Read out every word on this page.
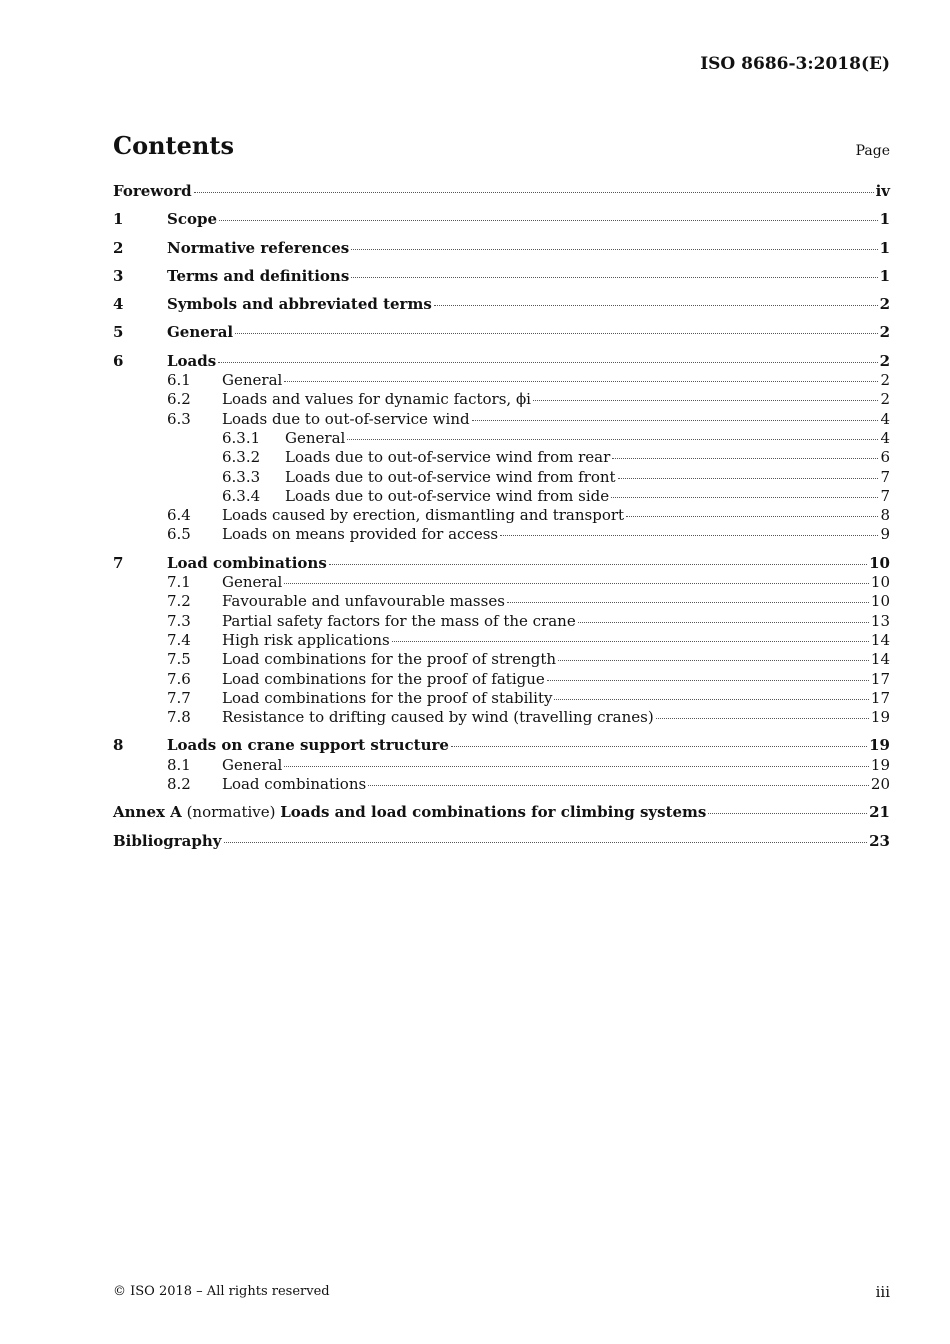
ISO 8686-3:2018(E)
Contents	Page
Foreword	iv
1	Scope	1
2	Normative references	1
3	Terms and definitions	1
4	Symbols and abbreviated terms	2
5	General	2
6	Loads	2
6.1	General	2
6.2	Loads and values for dynamic factors, ϕi	2
6.3	Loads due to out-of-service wind	4
6.3.1	General	4
6.3.2	Loads due to out-of-service wind from rear	6
6.3.3	Loads due to out-of-service wind from front	7
6.3.4	Loads due to out-of-service wind from side	7
6.4	Loads caused by erection, dismantling and transport	8
6.5	Loads on means provided for access	9
7	Load combinations	10
7.1	General	10
7.2	Favourable and unfavourable masses	10
7.3	Partial safety factors for the mass of the crane	13
7.4	High risk applications	14
7.5	Load combinations for the proof of strength	14
7.6	Load combinations for the proof of fatigue	17
7.7	Load combinations for the proof of stability	17
7.8	Resistance to drifting caused by wind (travelling cranes)	19
8	Loads on crane support structure	19
8.1	General	19
8.2	Load combinations	20
Annex A (normative) Loads and load combinations for climbing systems	21
Bibliography	23
© ISO 2018 – All rights reserved	iii
